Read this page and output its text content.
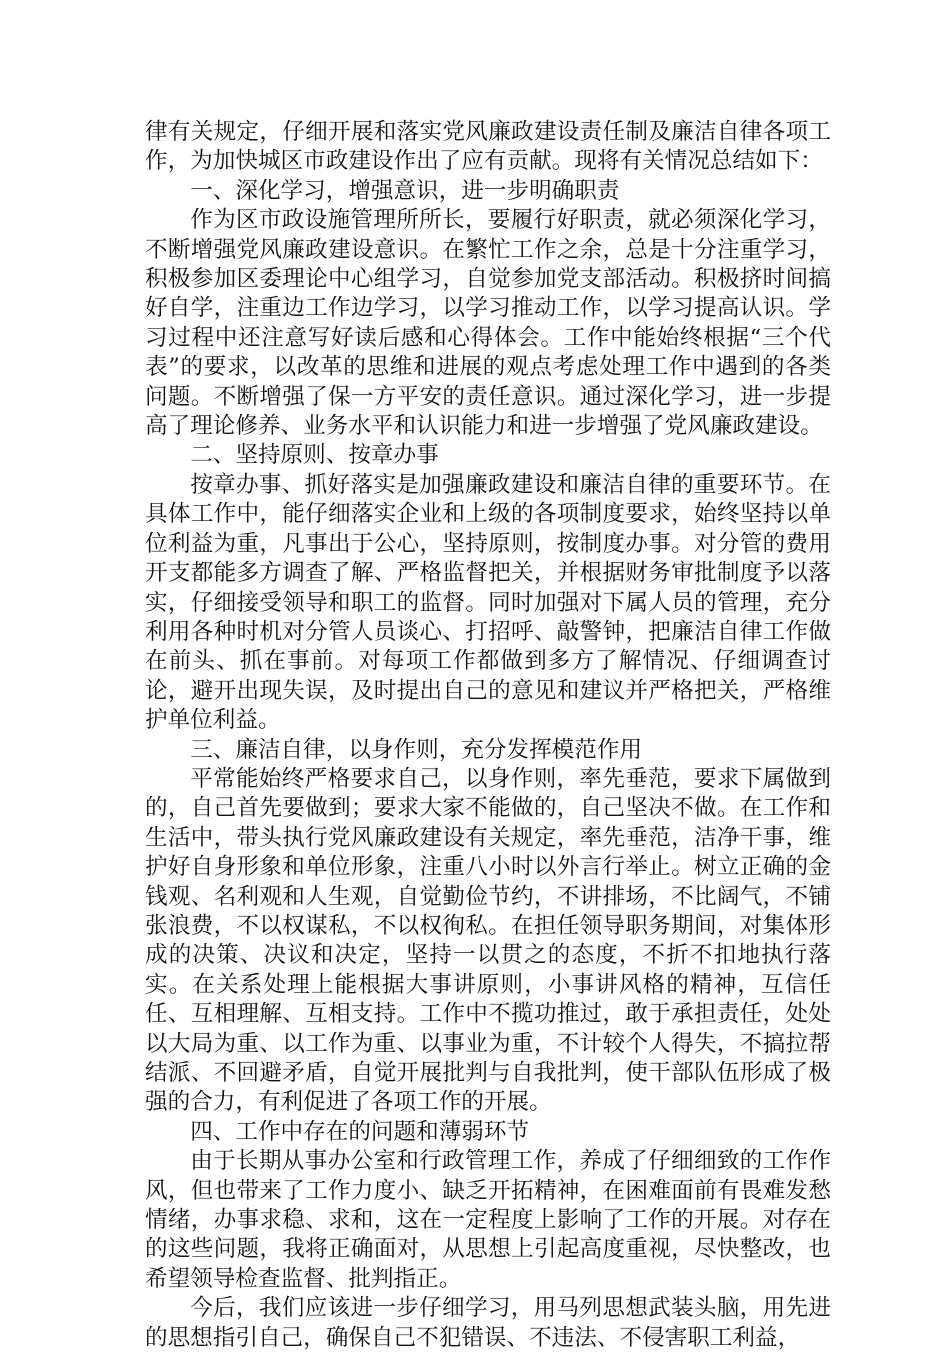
律有关规定，仔细开展和落实党风廉政建设责任制及廉洁自律各项工作，为加快城区市政建设作出了应有贡献。现将有关情况总结如下：

一、深化学习，增强意识，进一步明确职责

作为区市政设施管理所所长，要履行好职责，就必须深化学习，不断增强党风廉政建设意识。在繁忙工作之余，总是十分注重学习，积极参加区委理论中心组学习，自觉参加党支部活动。积极挤时间搞好自学，注重边工作边学习，以学习推动工作，以学习提高认识。学习过程中还注意写好读后感和心得体会。工作中能始终根据“三个代表”的要求，以改革的思维和进展的观点考虑处理工作中遇到的各类问题。不断增强了保一方平安的责任意识。通过深化学习，进一步提高了理论修养、业务水平和认识能力和进一步增强了党风廉政建设。

二、坚持原则、按章办事

按章办事、抓好落实是加强廉政建设和廉洁自律的重要环节。在具体工作中，能仔细落实企业和上级的各项制度要求，始终坚持以单位利益为重，凡事出于公心，坚持原则，按制度办事。对分管的费用开支都能多方调查了解、严格监督把关，并根据财务审批制度予以落实，仔细接受领导和职工的监督。同时加强对下属人员的管理，充分利用各种时机对分管人员谈心、打招呼、敲警钟，把廉洁自律工作做在前头、抓在事前。对每项工作都做到多方了解情况、仔细调查讨论，避开出现失误，及时提出自己的意见和建议并严格把关，严格维护单位利益。

三、廉洁自律，以身作则，充分发挥模范作用

平常能始终严格要求自己，以身作则，率先垂范，要求下属做到的，自己首先要做到；要求大家不能做的，自己坚决不做。在工作和生活中，带头执行党风廉政建设有关规定，率先垂范，洁净干事，维护好自身形象和单位形象，注重八小时以外言行举止。树立正确的金钱观、名利观和人生观，自觉勤俭节约，不讲排场，不比阔气，不铺张浪费，不以权谋私，不以权徇私。在担任领导职务期间，对集体形成的决策、决议和决定，坚持一以贯之的态度，不折不扣地执行落实。在关系处理上能根据大事讲原则，小事讲风格的精神，互信任任、互相理解、互相支持。工作中不揽功推过，敢于承担责任，处处以大局为重、以工作为重、以事业为重，不计较个人得失，不搞拉帮结派、不回避矛盾，自觉开展批判与自我批判，使干部队伍形成了极强的合力，有利促进了各项工作的开展。

四、工作中存在的问题和薄弱环节

由于长期从事办公室和行政管理工作，养成了仔细细致的工作作风，但也带来了工作力度小、缺乏开拓精神，在困难面前有畏难发愁情绪，办事求稳、求和，这在一定程度上影响了工作的开展。对存在的这些问题，我将正确面对，从思想上引起高度重视，尽快整改，也希望领导检查监督、批判指正。

今后，我们应该进一步仔细学习，用马列思想武装头脑，用先进的思想指引自己，确保自己不犯错误、不违法、不侵害职工利益，
